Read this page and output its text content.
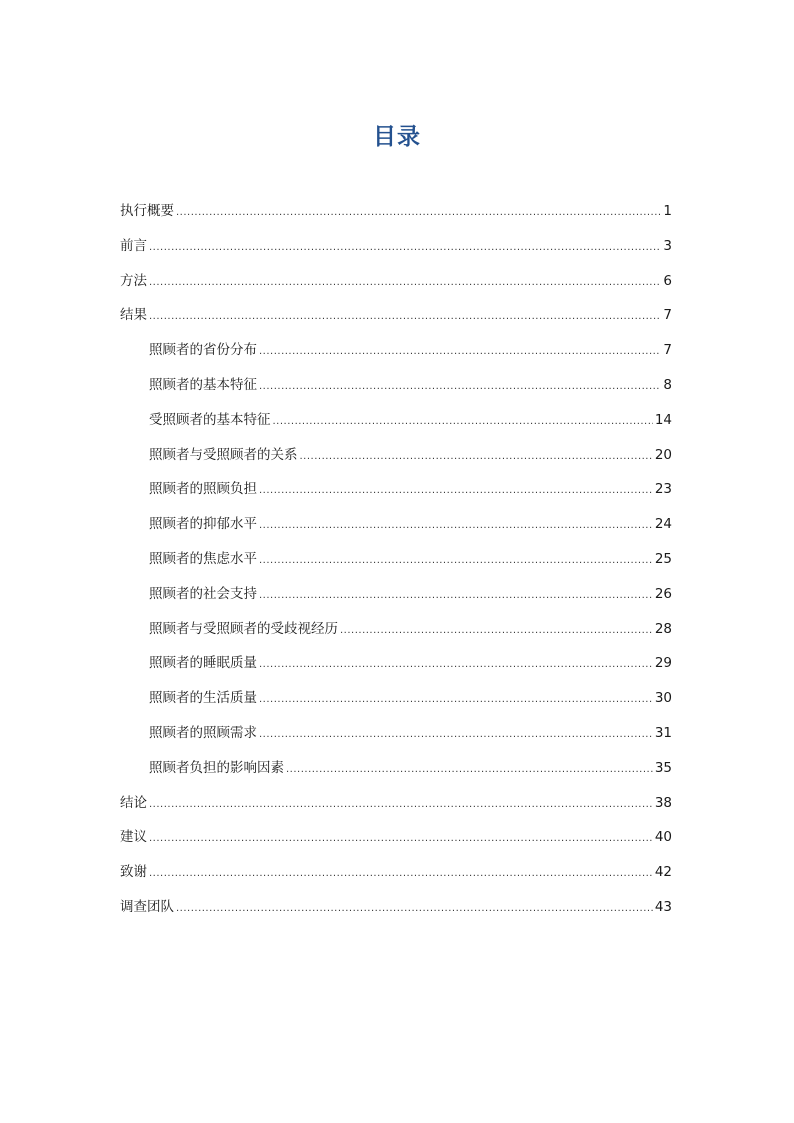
目录
执行概要 .....	1
前言 .....	3
方法 .....	6
结果 .....	7
照顾者的省份分布 .....	7
照顾者的基本特征 .....	8
受照顾者的基本特征 .....	14
照顾者与受照顾者的关系 .....	20
照顾者的照顾负担 .....	23
照顾者的抑郁水平 .....	24
照顾者的焦虑水平 .....	25
照顾者的社会支持 .....	26
照顾者与受照顾者的受歧视经历 .....	28
照顾者的睡眠质量 .....	29
照顾者的生活质量 .....	30
照顾者的照顾需求 .....	31
照顾者负担的影响因素 .....	35
结论 .....	38
建议 .....	40
致谢 .....	42
调查团队 .....	43
